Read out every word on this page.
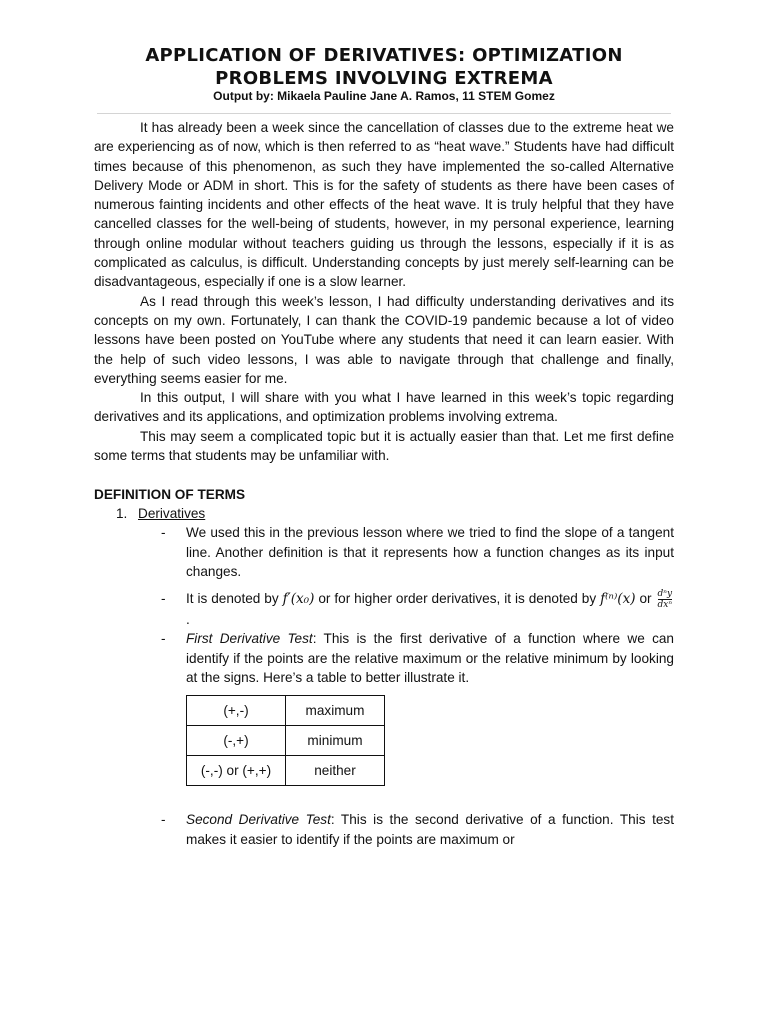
APPLICATION OF DERIVATIVES: OPTIMIZATION
PROBLEMS INVOLVING EXTREMA

Output by: Mikaela Pauline Jane A. Ramos, 11 STEM Gomez

It has already been a week since the cancellation of classes due to the extreme heat we are experiencing as of now, which is then referred to as “heat wave.” Students have had difficult times because of this phenomenon, as such they have implemented the so-called Alternative Delivery Mode or ADM in short. This is for the safety of students as there have been cases of numerous fainting incidents and other effects of the heat wave. It is truly helpful that they have cancelled classes for the well-being of students, however, in my personal experience, learning through online modular without teachers guiding us through the lessons, especially if it is as complicated as calculus, is difficult. Understanding concepts by just merely self-learning can be disadvantageous, especially if one is a slow learner.

As I read through this week’s lesson, I had difficulty understanding derivatives and its concepts on my own. Fortunately, I can thank the COVID-19 pandemic because a lot of video lessons have been posted on YouTube where any students that need it can learn easier. With the help of such video lessons, I was able to navigate through that challenge and finally, everything seems easier for me.

In this output, I will share with you what I have learned in this week’s topic regarding derivatives and its applications, and optimization problems involving extrema.

This may seem a complicated topic but it is actually easier than that. Let me first define some terms that students may be unfamiliar with.

DEFINITION OF TERMS
1. Derivatives
- We used this in the previous lesson where we tried to find the slope of a tangent line. Another definition is that it represents how a function changes as its input changes.
- It is denoted by f′(x₀) or for higher order derivatives, it is denoted by f⁽ⁿ⁾(x) or $\frac{\text{dⁿy}}{\text{dxⁿ}}$
.
- First Derivative Test: This is the first derivative of a function where we can identify if the points are the relative maximum or the relative minimum by looking at the signs. Here’s a table to better illustrate it.
(+,-)	maximum
(-,+)	minimum
(-,-) or (+,+)	neither
- Second Derivative Test: This is the second derivative of a function. This test makes it easier to identify if the points are maximum or
